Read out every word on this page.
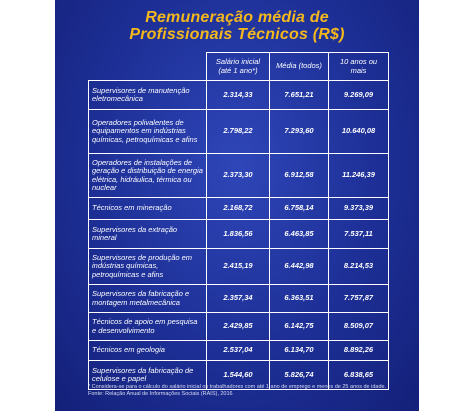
Remuneração média de
Profissionais Técnicos (R$)
	Salário inicial (até 1 ano*)	Média (todos)	10 anos ou mais
Supervisores de manutenção eletromecânica	2.314,33	7.651,21	9.269,09
Operadores polivalentes de equipamentos em indústrias químicas, petroquímicas e afins	2.798,22	7.293,60	10.640,08
Operadores de instalações de geração e distribuição de energia elétrica, hidráulica, térmica ou nuclear	2.373,30	6.912,58	11.246,39
Técnicos em mineração	2.168,72	6.758,14	9.373,39
Supervisores da extração mineral	1.836,56	6.463,85	7.537,11
Supervisores de produção em indústrias químicas, petroquímicas e afins	2.415,19	6.442,98	8.214,53
Supervisores da fabricação e montagem metalmecânica	2.357,34	6.363,51	7.757,87
Técnicos de apoio em pesquisa e desenvolvimento	2.429,85	6.142,75	8.509,07
Técnicos em geologia	2.537,04	6.134,70	8.892,26
Supervisores da fabricação de celulose e papel	1.544,60	5.826,74	6.838,65
* Considera-se para o cálculo do salário inicial os trabalhadores com até 1 ano de emprego e menos de 25 anos de idade. Fonte: Relação Anual de Informações Sociais (RAIS), 2016
